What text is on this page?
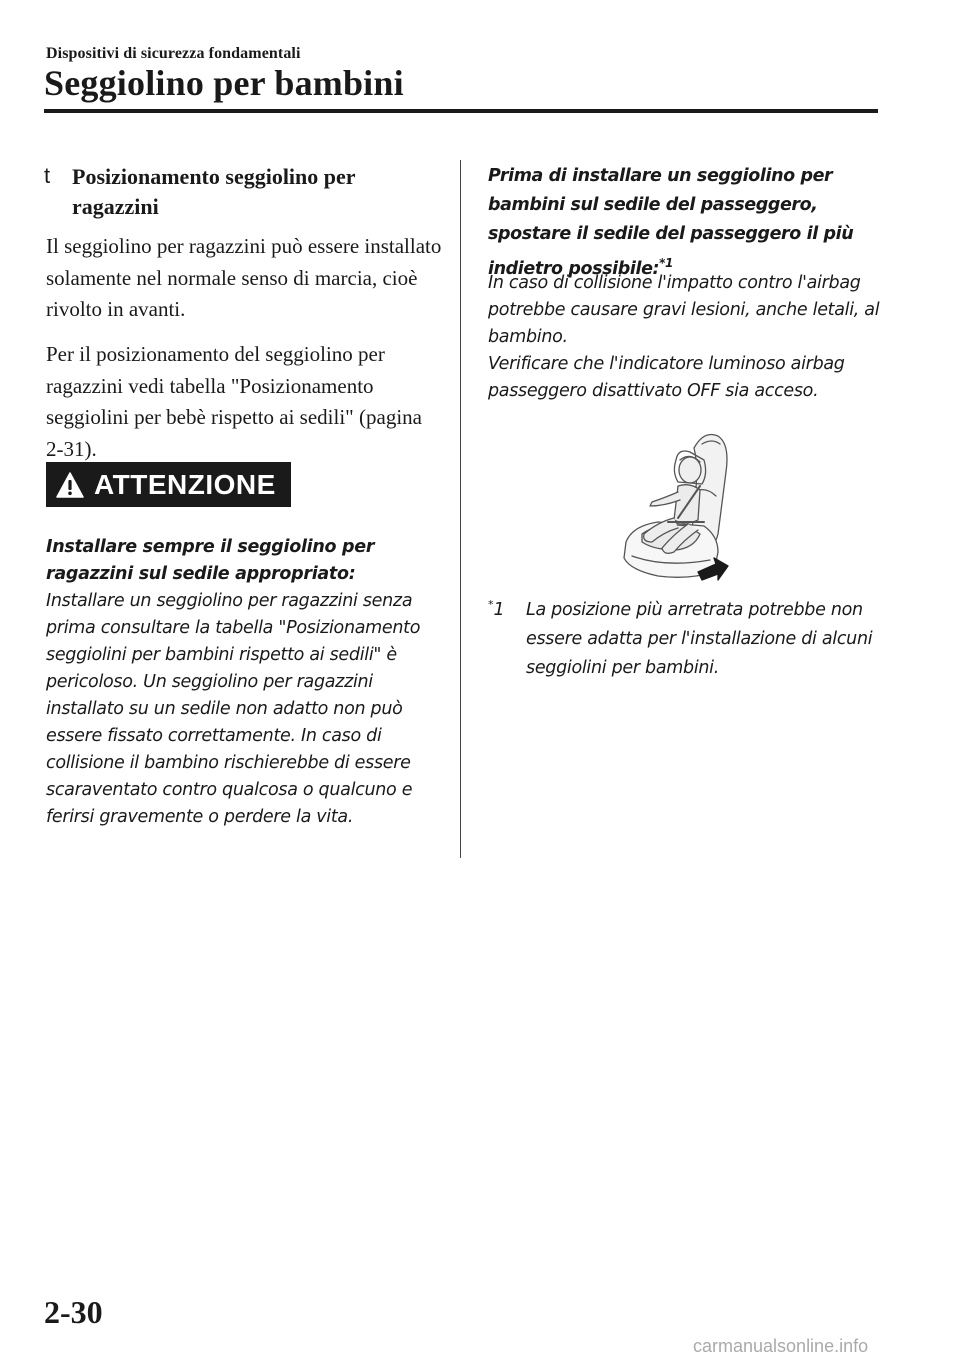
Dispositivi di sicurezza fondamentali
Seggiolino per bambini
t Posizionamento seggiolino per ragazzini
Il seggiolino per ragazzini può essere installato solamente nel normale senso di marcia, cioè rivolto in avanti.
Per il posizionamento del seggiolino per ragazzini vedi tabella "Posizionamento seggiolini per bebè rispetto ai sedili" (pagina 2-31).
ATTENZIONE
Installare sempre il seggiolino per ragazzini sul sedile appropriato:
Installare un seggiolino per ragazzini senza prima consultare la tabella "Posizionamento seggiolini per bambini rispetto ai sedili" è pericoloso. Un seggiolino per ragazzini installato su un sedile non adatto non può essere fissato correttamente. In caso di collisione il bambino rischierebbe di essere scaraventato contro qualcosa o qualcuno e ferirsi gravemente o perdere la vita.
Prima di installare un seggiolino per bambini sul sedile del passeggero, spostare il sedile del passeggero il più indietro possibile:$^{*1}$
In caso di collisione l'impatto contro l'airbag potrebbe causare gravi lesioni, anche letali, al bambino.
Verificare che l'indicatore luminoso airbag passeggero disattivato OFF sia acceso.
*1 La posizione più arretrata potrebbe non essere adatta per l'installazione di alcuni seggiolini per bambini.
2-30
carmanualsonline.info
